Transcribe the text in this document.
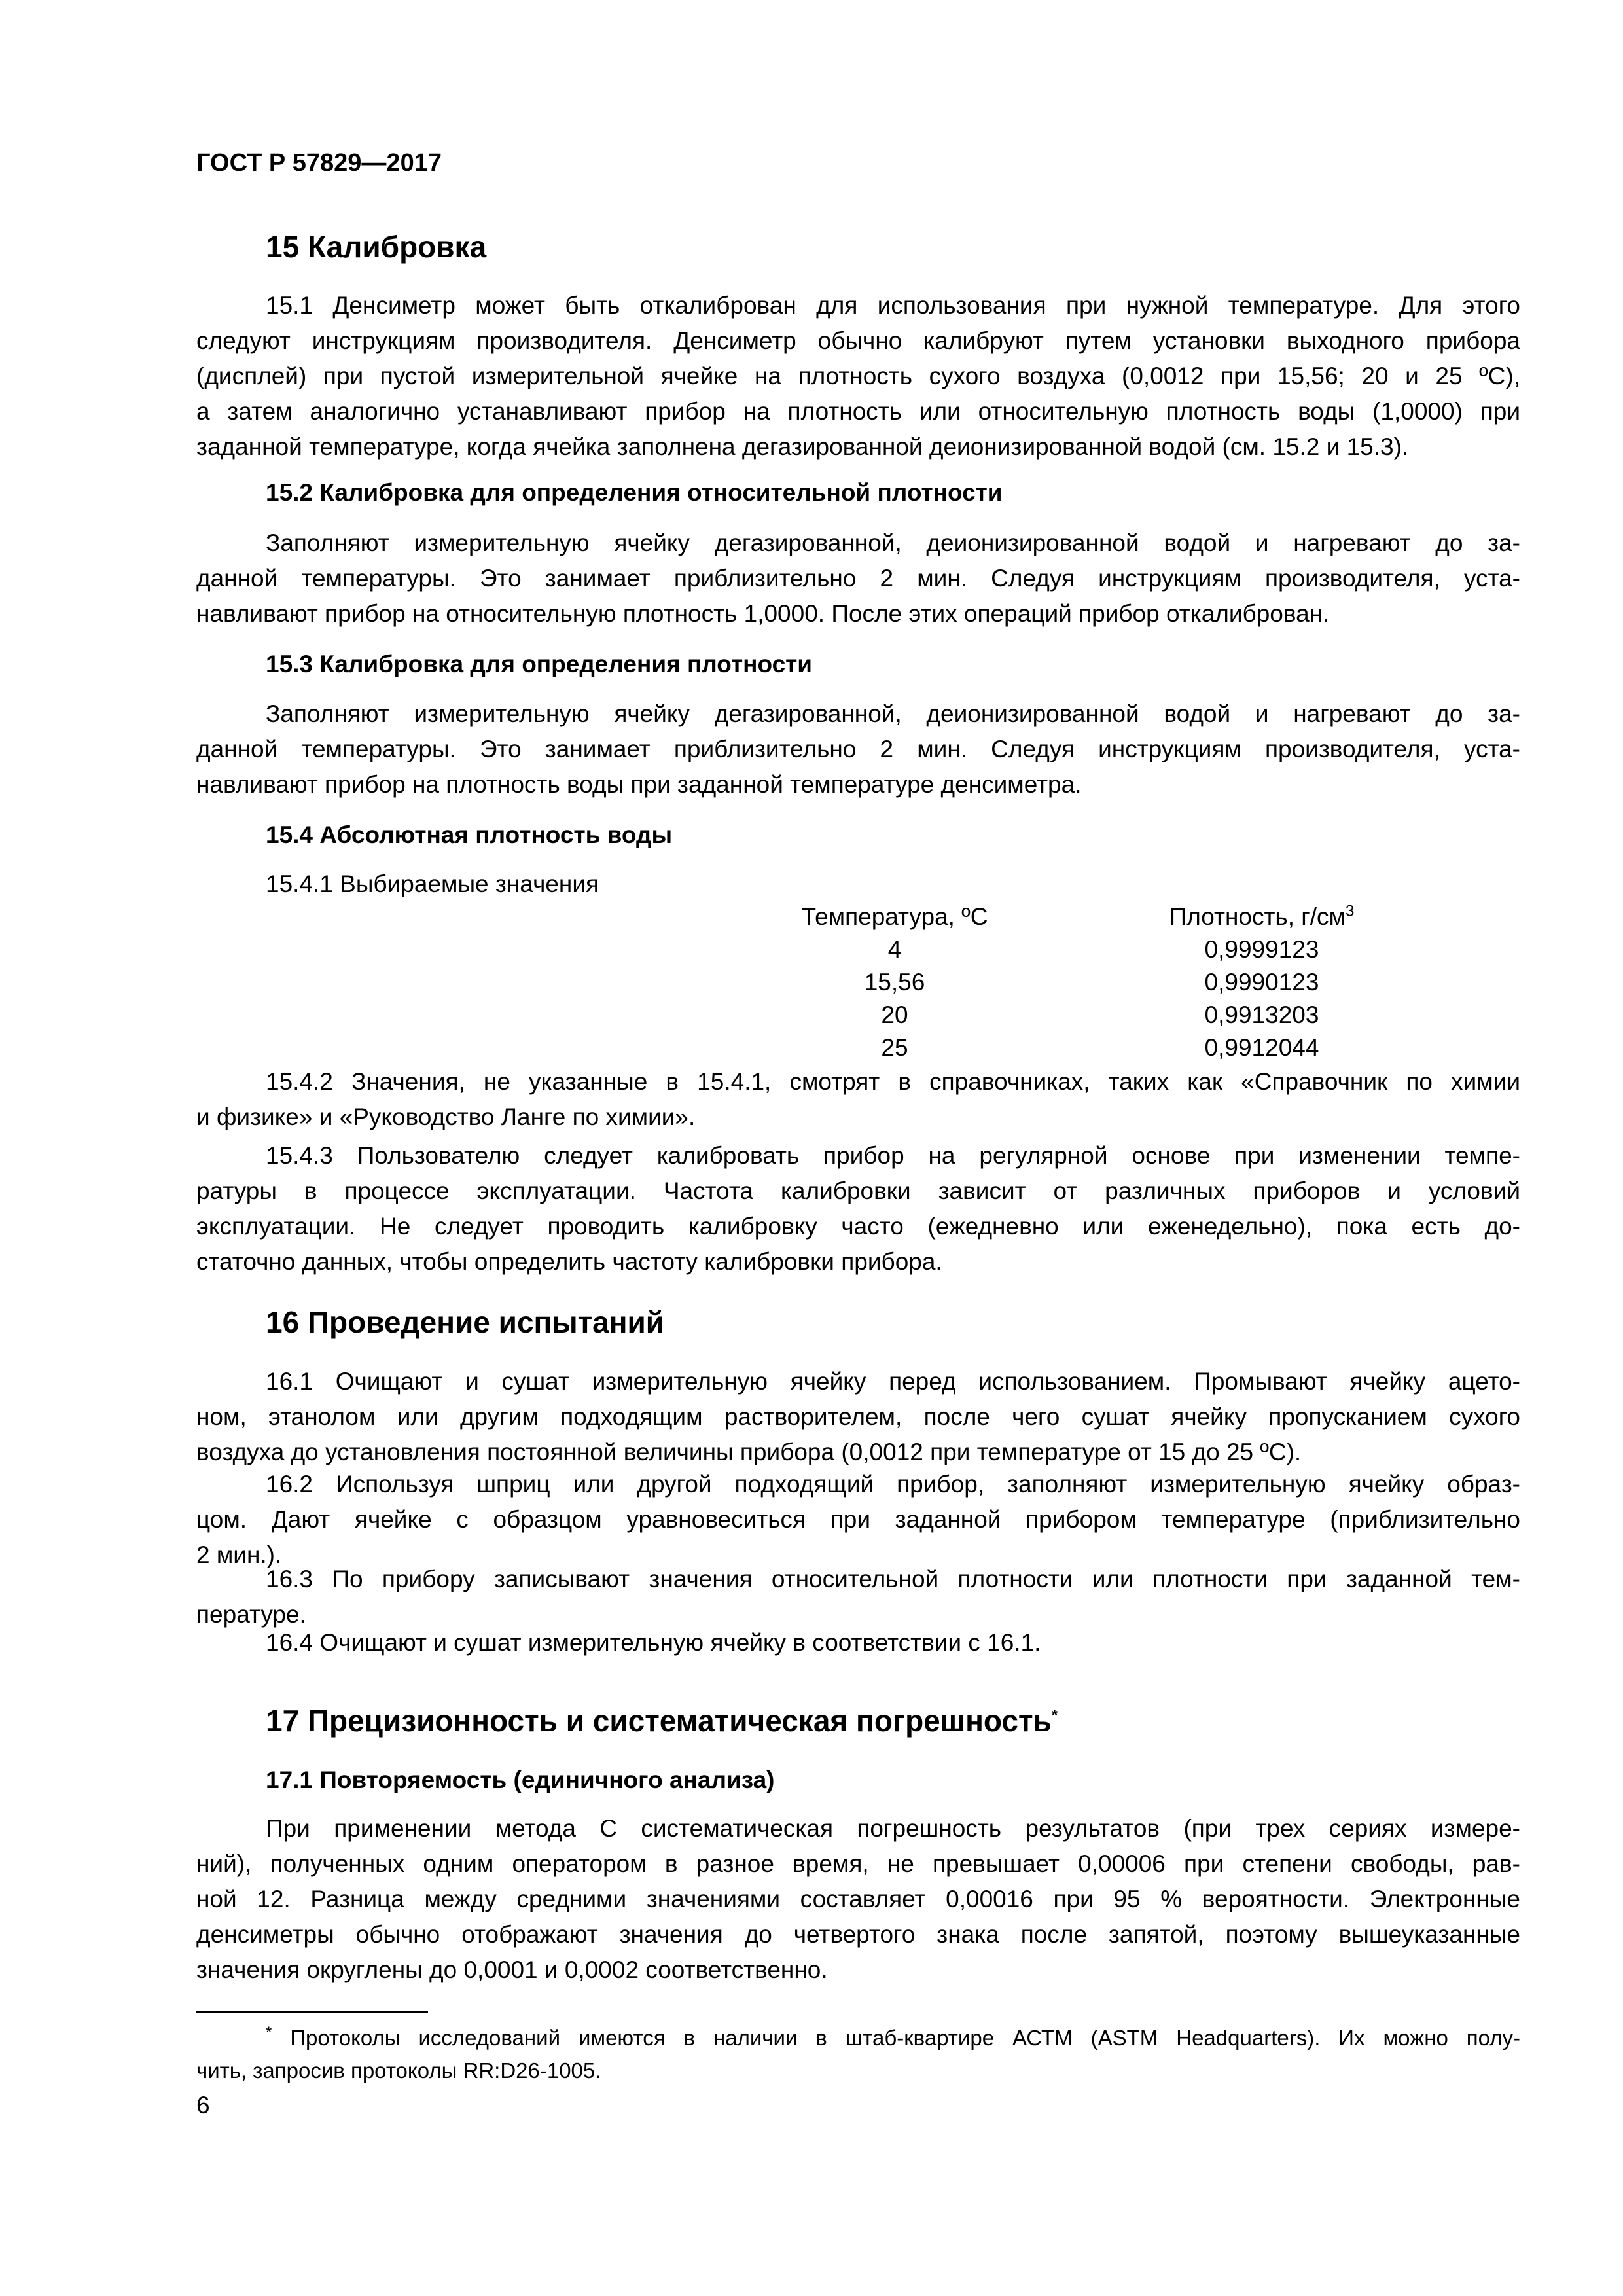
ГОСТ Р 57829—2017
15 Калибровка
15.1 Денсиметр может быть откалиброван для использования при нужной температуре. Для этого
следуют инструкциям производителя. Денсиметр обычно калибруют путем установки выходного прибора
(дисплей) при пустой измерительной ячейке на плотность сухого воздуха (0,0012 при 15,56; 20 и 25 ºС),
а затем аналогично устанавливают прибор на плотность или относительную плотность воды (1,0000) при
заданной температуре, когда ячейка заполнена дегазированной деионизированной водой (см. 15.2 и 15.3).
15.2 Калибровка для определения относительной плотности
Заполняют измерительную ячейку дегазированной, деионизированной водой и нагревают до за-
данной температуры. Это занимает приблизительно 2 мин. Следуя инструкциям производителя, уста-
навливают прибор на относительную плотность 1,0000. После этих операций прибор откалиброван.
15.3 Калибровка для определения плотности
Заполняют измерительную ячейку дегазированной, деионизированной водой и нагревают до за-
данной температуры. Это занимает приблизительно 2 мин. Следуя инструкциям производителя, уста-
навливают прибор на плотность воды при заданной температуре денсиметра.
15.4 Абсолютная плотность воды
15.4.1 Выбираемые значения
Температура, ºС	Плотность, $г/см^3$
4	0,9999123
15,56	0,9990123
20	0,9913203
25	0,9912044
15.4.2 Значения, не указанные в 15.4.1, смотрят в справочниках, таких как «Справочник по химии
и физике» и «Руководство Ланге по химии».
15.4.3 Пользователю следует калибровать прибор на регулярной основе при изменении темпе-
ратуры в процессе эксплуатации. Частота калибровки зависит от различных приборов и условий
эксплуатации. Не следует проводить калибровку часто (ежедневно или еженедельно), пока есть до-
статочно данных, чтобы определить частоту калибровки прибора.
16 Проведение испытаний
16.1 Очищают и сушат измерительную ячейку перед использованием. Промывают ячейку ацето-
ном, этанолом или другим подходящим растворителем, после чего сушат ячейку пропусканием сухого
воздуха до установления постоянной величины прибора (0,0012 при температуре от 15 до 25 ºС).
16.2 Используя шприц или другой подходящий прибор, заполняют измерительную ячейку образ-
цом. Дают ячейке с образцом уравновеситься при заданной прибором температуре (приблизительно
2 мин.).
16.3 По прибору записывают значения относительной плотности или плотности при заданной тем-
пературе.
16.4 Очищают и сушат измерительную ячейку в соответствии с 16.1.
17 Прецизионность и систематическая погрешность*
17.1 Повторяемость (единичного анализа)
При применении метода С систематическая погрешность результатов (при трех сериях измере-
ний), полученных одним оператором в разное время, не превышает 0,00006 при степени свободы, рав-
ной 12. Разница между средними значениями составляет 0,00016 при 95 % вероятности. Электронные
денсиметры обычно отображают значения до четвертого знака после запятой, поэтому вышеуказанные
значения округлены до 0,0001 и 0,0002 соответственно.
* Протоколы исследований имеются в наличии в штаб-квартире АСТМ (ASTM Headquarters). Их можно полу-
чить, запросив протоколы RR:D26-1005.
6
